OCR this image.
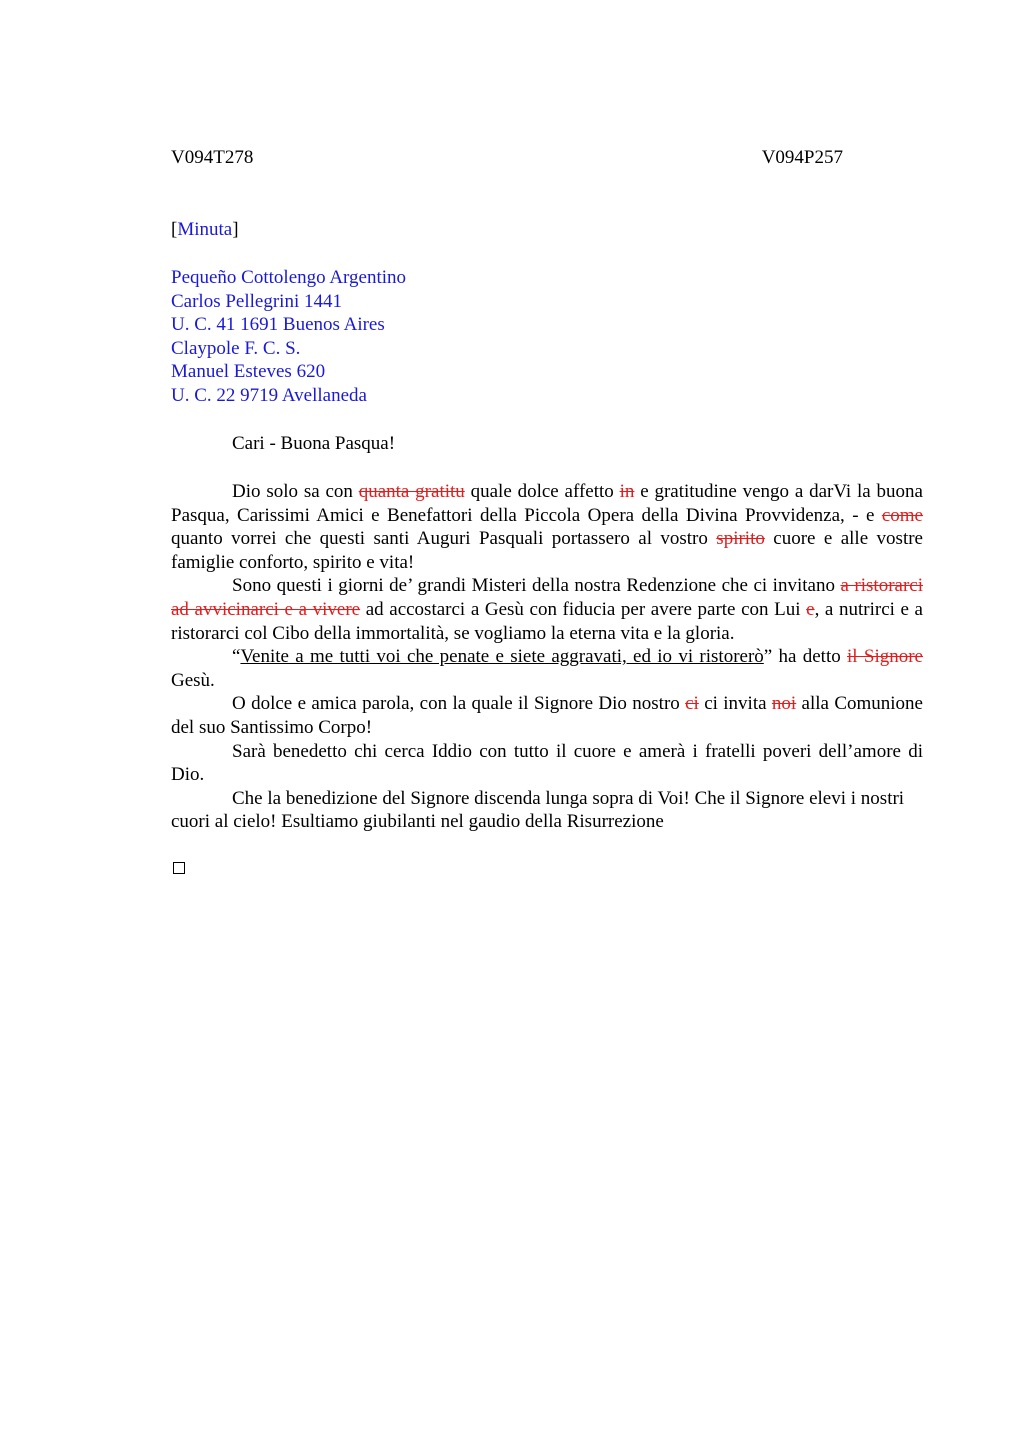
V094T278	V094P257
[Minuta]
Pequeño Cottolengo Argentino
Carlos Pellegrini 1441
U. C. 41 1691 Buenos Aires
Claypole F. C. S.
Manuel Esteves 620
U. C. 22 9719 Avellaneda
Cari - Buona Pasqua!

Dio solo sa con quanta gratitu quale dolce affetto in e gratitudine vengo a darVi la buona Pasqua, Carissimi Amici e Benefattori della Piccola Opera della Divina Provvidenza, - e come quanto vorrei che questi santi Auguri Pasquali portassero al vostro spirito cuore e alle vostre famiglie conforto, spirito e vita!

Sono questi i giorni de’ grandi Misteri della nostra Redenzione che ci invitano a ristorarci ad avvicinarci e a vivere ad accostarci a Gesù con fiducia per avere parte con Lui e, a nutrirci e a ristorarci col Cibo della immortalità, se vogliamo la eterna vita e la gloria.

“Venite a me tutti voi che penate e siete aggravati, ed io vi ristorerò” ha detto il Signore Gesù.

O dolce e amica parola, con la quale il Signore Dio nostro ci ci invita noi alla Comunione del suo Santissimo Corpo!

Sarà benedetto chi cerca Iddio con tutto il cuore e amerà i fratelli poveri dell’amore di Dio.

Che la benedizione del Signore discenda lunga sopra di Voi! Che il Signore elevi i nostri cuori al cielo! Esultiamo giubilanti nel gaudio della Risurrezione
